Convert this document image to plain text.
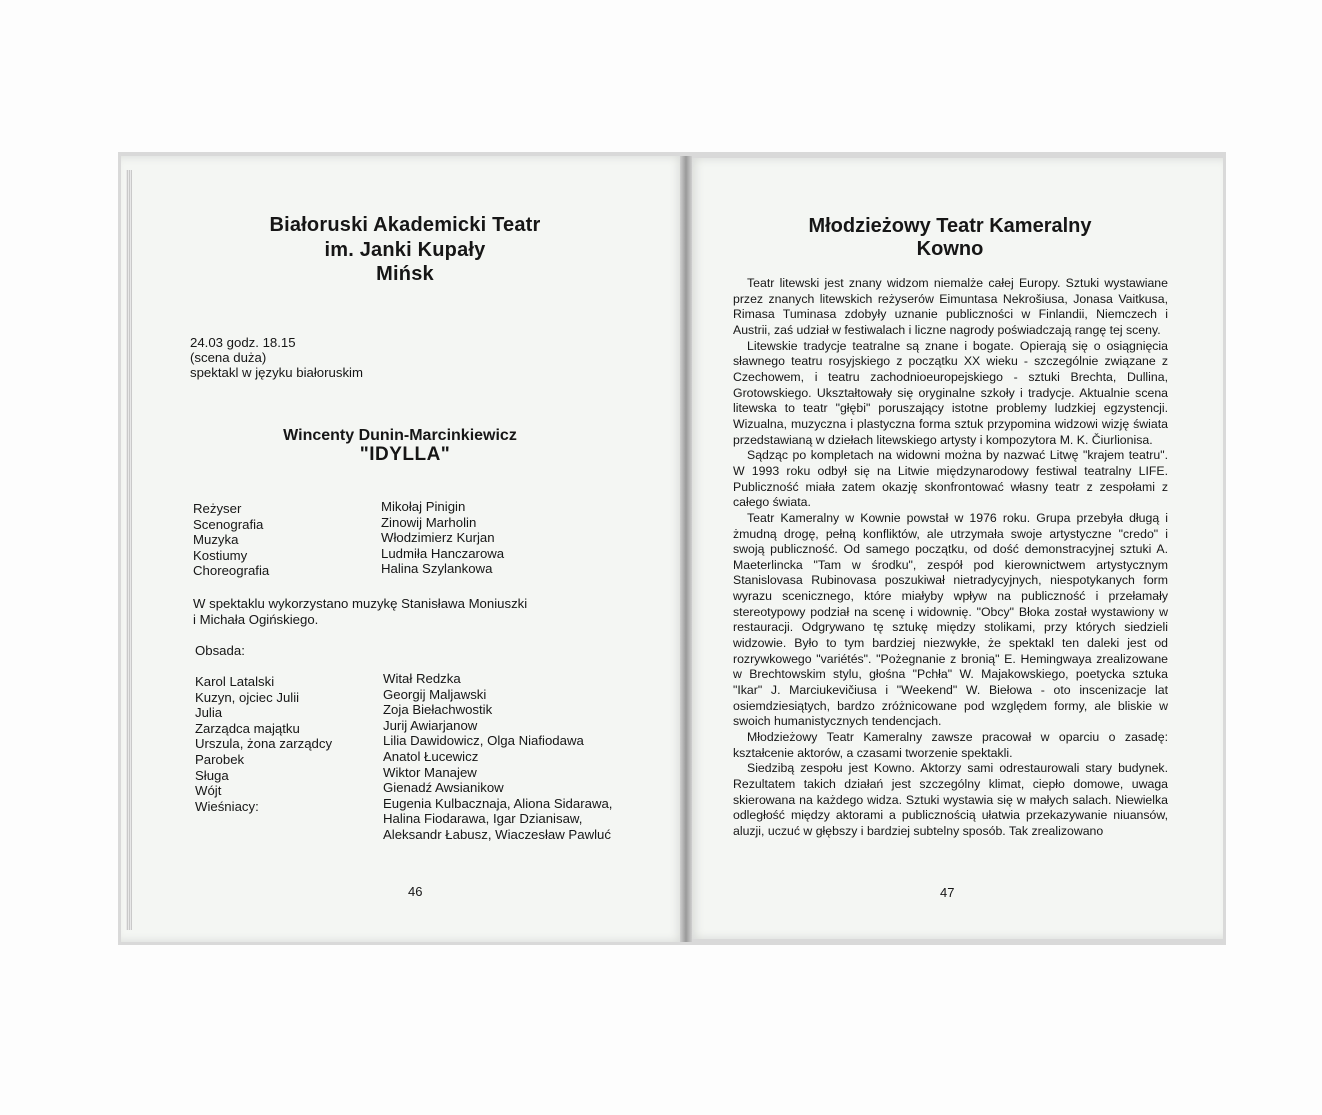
Białoruski Akademicki Teatr
im. Janki Kupały
Mińsk
24.03 godz. 18.15
(scena duża)
spektakl w języku białoruskim
Wincenty Dunin-Marcinkiewicz
"IDYLLA"
Reżyser
Scenografia
Muzyka
Kostiumy
Choreografia
Mikołaj Pinigin
Zinowij Marholin
Włodzimierz Kurjan
Ludmiła Hanczarowa
Halina Szylankowa
W spektaklu wykorzystano muzykę Stanisława Moniuszki
i Michała Ogińskiego.
Obsada:
Karol Latalski
Kuzyn, ojciec Julii
Julia
Zarządca majątku
Urszula, żona zarządcy
Parobek
Sługa
Wójt
Wieśniacy:
Witał Redzka
Georgij Maljawski
Zoja Biełachwostik
Jurij Awiarjanow
Lilia Dawidowicz, Olga Niafiodawa
Anatol Łucewicz
Wiktor Manajew
Gienadź Awsianikow
Eugenia Kulbacznaja, Aliona Sidarawa,
Halina Fiodarawa, Igar Dzianisaw,
Aleksandr Łabusz, Wiaczesław Pawluć
46
Młodzieżowy Teatr Kameralny
Kowno

Teatr litewski jest znany widzom niemalże całej Europy. Sztuki wystawiane przez znanych litewskich reżyserów Eimuntasa Nekrošiusa, Jonasa Vaitkusa, Rimasa Tuminasa zdobyły uznanie publiczności w Finlandii, Niemczech i Austrii, zaś udział w festiwalach i liczne nagrody poświadczają rangę tej sceny.

Litewskie tradycje teatralne są znane i bogate. Opierają się o osiągnięcia sławnego teatru rosyjskiego z początku XX wieku - szczególnie związane z Czechowem, i teatru zachodnioeuropejskiego - sztuki Brechta, Dullina, Grotowskiego. Ukształtowały się oryginalne szkoły i tradycje. Aktualnie scena litewska to teatr "głębi" poruszający istotne problemy ludzkiej egzystencji. Wizualna, muzyczna i plastyczna forma sztuk przypomina widzowi wizję świata przedstawianą w dziełach litewskiego artysty i kompozytora M. K. Čiurlionisa.

Sądząc po kompletach na widowni można by nazwać Litwę "krajem teatru". W 1993 roku odbył się na Litwie międzynarodowy festiwal teatralny LIFE. Publiczność miała zatem okazję skonfrontować własny teatr z zespołami z całego świata.

Teatr Kameralny w Kownie powstał w 1976 roku. Grupa przebyła długą i żmudną drogę, pełną konfliktów, ale utrzymała swoje artystyczne "credo" i swoją publiczność. Od samego początku, od dość demonstracyjnej sztuki A. Maeterlincka "Tam w środku", zespół pod kierownictwem artystycznym Stanislovasa Rubinovasa poszukiwał nietradycyjnych, niespotykanych form wyrazu scenicznego, które miałyby wpływ na publiczność i przełamały stereotypowy podział na scenę i widownię. "Obcy" Błoka został wystawiony w restauracji. Odgrywano tę sztukę między stolikami, przy których siedzieli widzowie. Było to tym bardziej niezwykłe, że spektakl ten daleki jest od rozrywkowego "variétés". "Pożegnanie z bronią" E. Hemingwaya zrealizowane w Brechtowskim stylu, głośna "Pchła" W. Majakowskiego, poetycka sztuka "Ikar" J. Marciukevičiusa i "Weekend" W. Biełowa - oto inscenizacje lat osiemdziesiątych, bardzo zróżnicowane pod względem formy, ale bliskie w swoich humanistycznych tendencjach.

Młodzieżowy Teatr Kameralny zawsze pracował w oparciu o zasadę: kształcenie aktorów, a czasami tworzenie spektakli.

Siedzibą zespołu jest Kowno. Aktorzy sami odrestaurowali stary budynek. Rezultatem takich działań jest szczególny klimat, ciepło domowe, uwaga skierowana na każdego widza. Sztuki wystawia się w małych salach. Niewielka odległość między aktorami a publicznością ułatwia przekazywanie niuansów, aluzji, uczuć w głębszy i bardziej subtelny sposób. Tak zrealizowano

47
